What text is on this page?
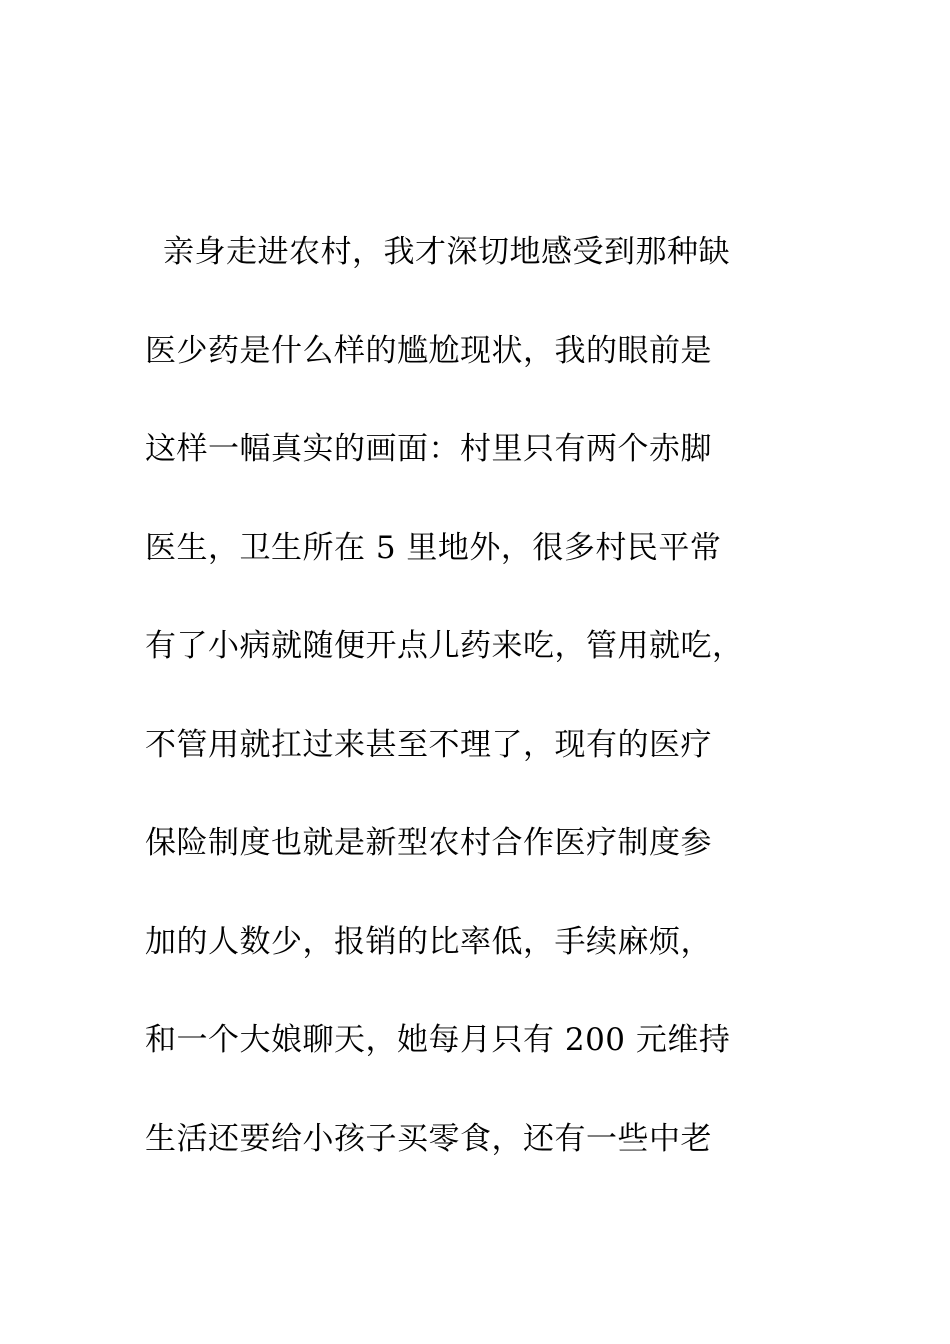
亲身走进农村，我才深切地感受到那种缺
医少药是什么样的尴尬现状，我的眼前是
这样一幅真实的画面：村里只有两个赤脚
医生，卫生所在 5 里地外，很多村民平常
有了小病就随便开点儿药来吃，管用就吃，
不管用就扛过来甚至不理了，现有的医疗
保险制度也就是新型农村合作医疗制度参
加的人数少，报销的比率低，手续麻烦，
和一个大娘聊天，她每月只有 200 元维持
生活还要给小孩子买零食，还有一些中老
